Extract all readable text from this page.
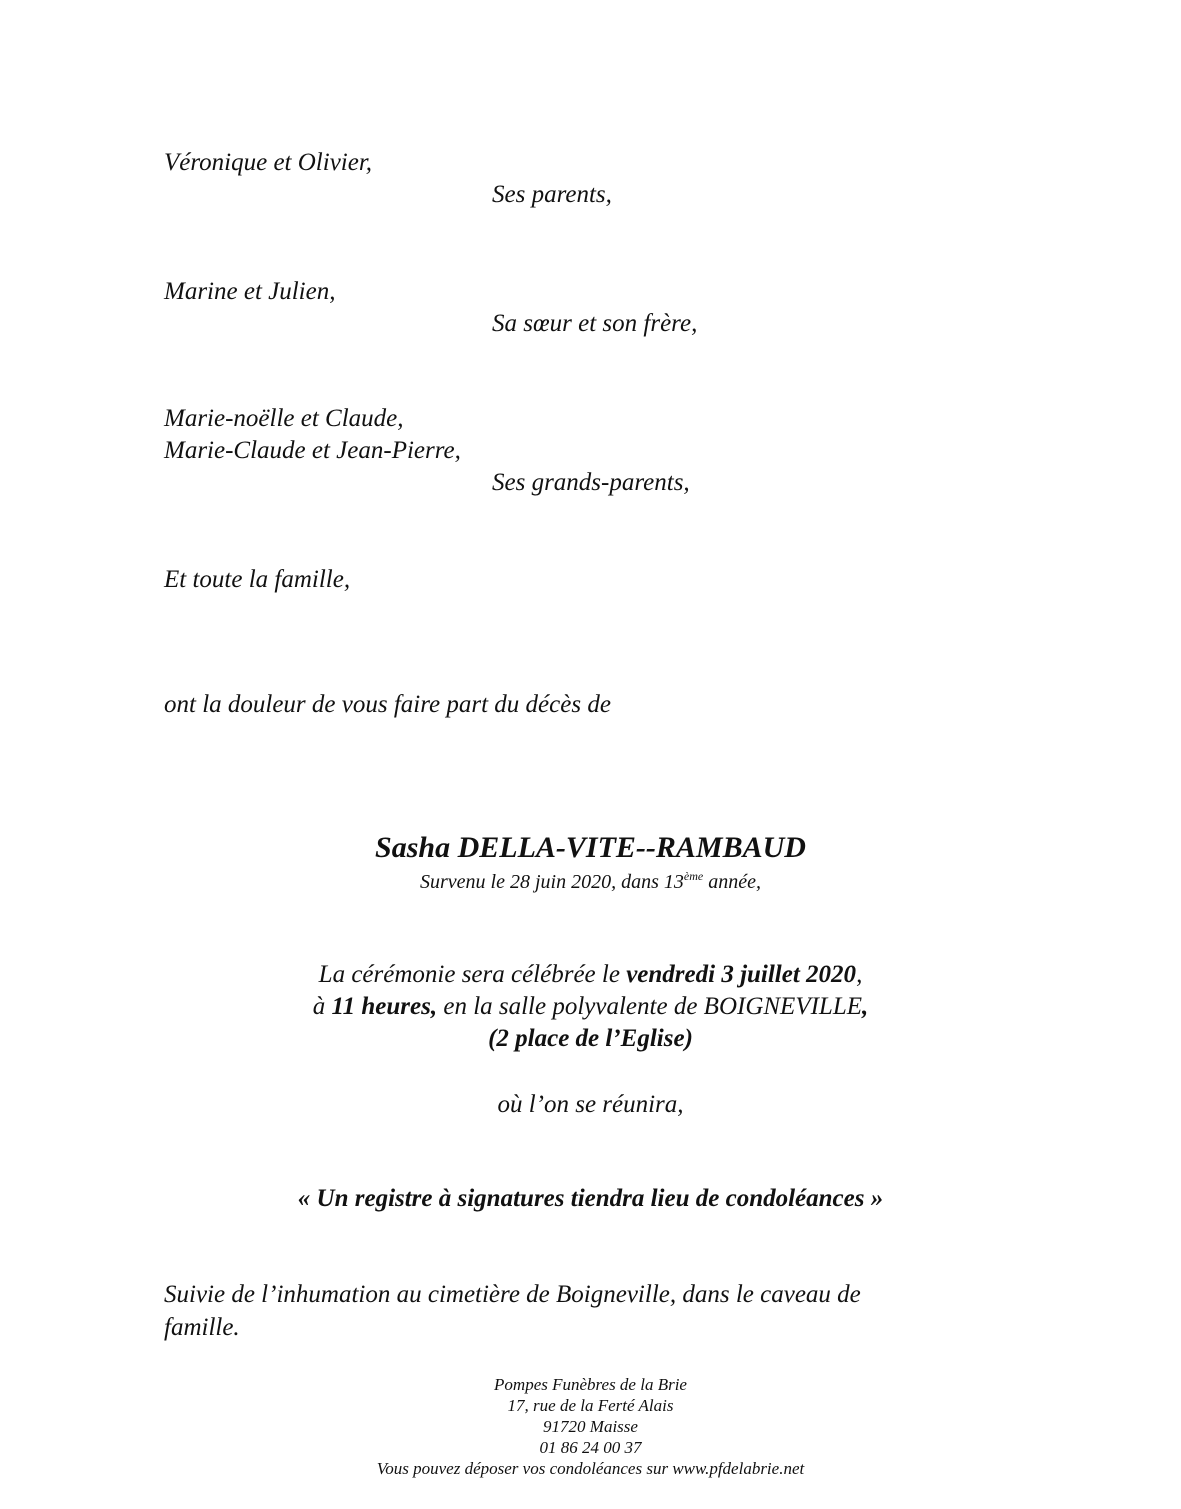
Véronique et Olivier,
Ses parents,
Marine et Julien,
Sa sœur et son frère,
Marie-noëlle et Claude,
Marie-Claude et Jean-Pierre,
Ses grands-parents,
Et toute la famille,
ont la douleur de vous faire part du décès de
Sasha DELLA-VITE--RAMBAUD
Survenu le 28 juin 2020, dans 13ème année,
La cérémonie sera célébrée le vendredi 3 juillet 2020,
à 11 heures, en la salle polyvalente de BOIGNEVILLE,
(2 place de l’Eglise)
où l’on se réunira,
« Un registre à signatures tiendra lieu de condoléances »
Suivie de l’inhumation au cimetière de Boigneville, dans le caveau de
famille.
Pompes Funèbres de la Brie
17, rue de la Ferté Alais
91720 Maisse
01 86 24 00 37
Vous pouvez déposer vos condoléances sur www.pfdelabrie.net
